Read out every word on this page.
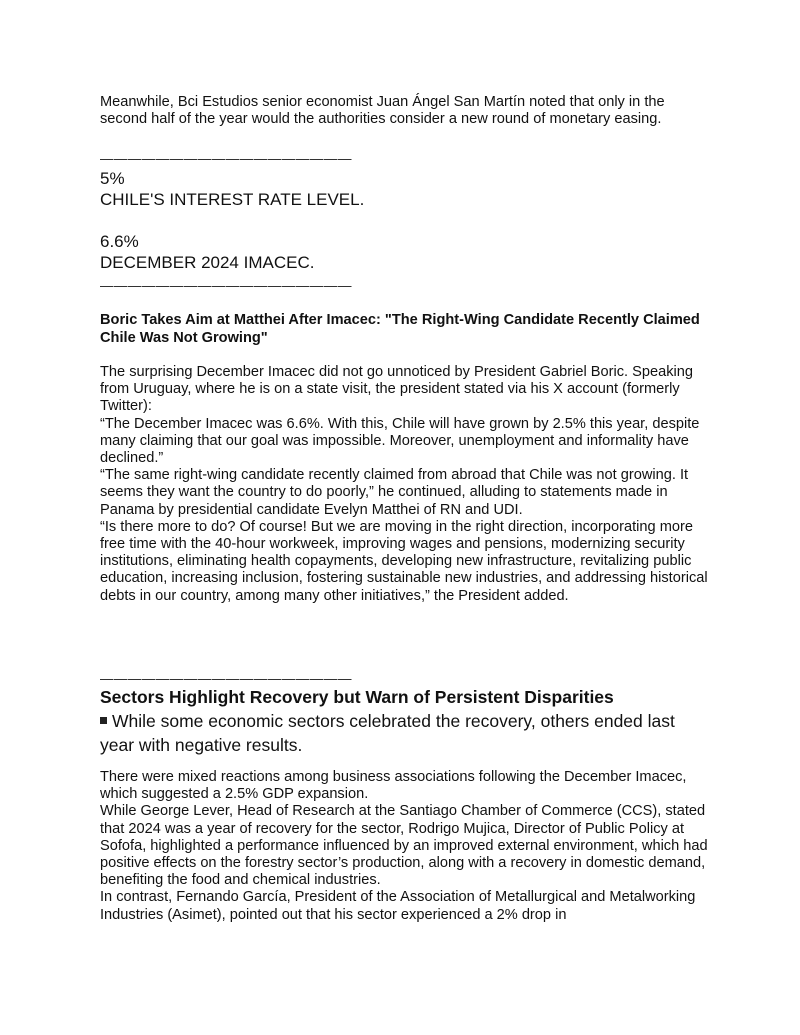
Meanwhile, Bci Estudios senior economist Juan Ángel San Martín noted that only in the second half of the year would the authorities consider a new round of monetary easing.

——————————————————
5%
CHILE'S INTEREST RATE LEVEL.
6.6%
DECEMBER 2024 IMACEC.
——————————————————
Boric Takes Aim at Matthei After Imacec: "The Right-Wing Candidate Recently Claimed Chile Was Not Growing"

The surprising December Imacec did not go unnoticed by President Gabriel Boric. Speaking from Uruguay, where he is on a state visit, the president stated via his X account (formerly Twitter):

“The December Imacec was 6.6%. With this, Chile will have grown by 2.5% this year, despite many claiming that our goal was impossible. Moreover, unemployment and informality have declined.”

“The same right-wing candidate recently claimed from abroad that Chile was not growing. It seems they want the country to do poorly,” he continued, alluding to statements made in Panama by presidential candidate Evelyn Matthei of RN and UDI.

“Is there more to do? Of course! But we are moving in the right direction, incorporating more free time with the 40-hour workweek, improving wages and pensions, modernizing security institutions, eliminating health copayments, developing new infrastructure, revitalizing public education, increasing inclusion, fostering sustainable new industries, and addressing historical debts in our country, among many other initiatives,” the President added.

——————————————————
Sectors Highlight Recovery but Warn of Persistent Disparities
While some economic sectors celebrated the recovery, others ended last year with negative results.

There were mixed reactions among business associations following the December Imacec, which suggested a 2.5% GDP expansion.

While George Lever, Head of Research at the Santiago Chamber of Commerce (CCS), stated that 2024 was a year of recovery for the sector, Rodrigo Mujica, Director of Public Policy at Sofofa, highlighted a performance influenced by an improved external environment, which had positive effects on the forestry sector’s production, along with a recovery in domestic demand, benefiting the food and chemical industries.

In contrast, Fernando García, President of the Association of Metallurgical and Metalworking Industries (Asimet), pointed out that his sector experienced a 2% drop in
